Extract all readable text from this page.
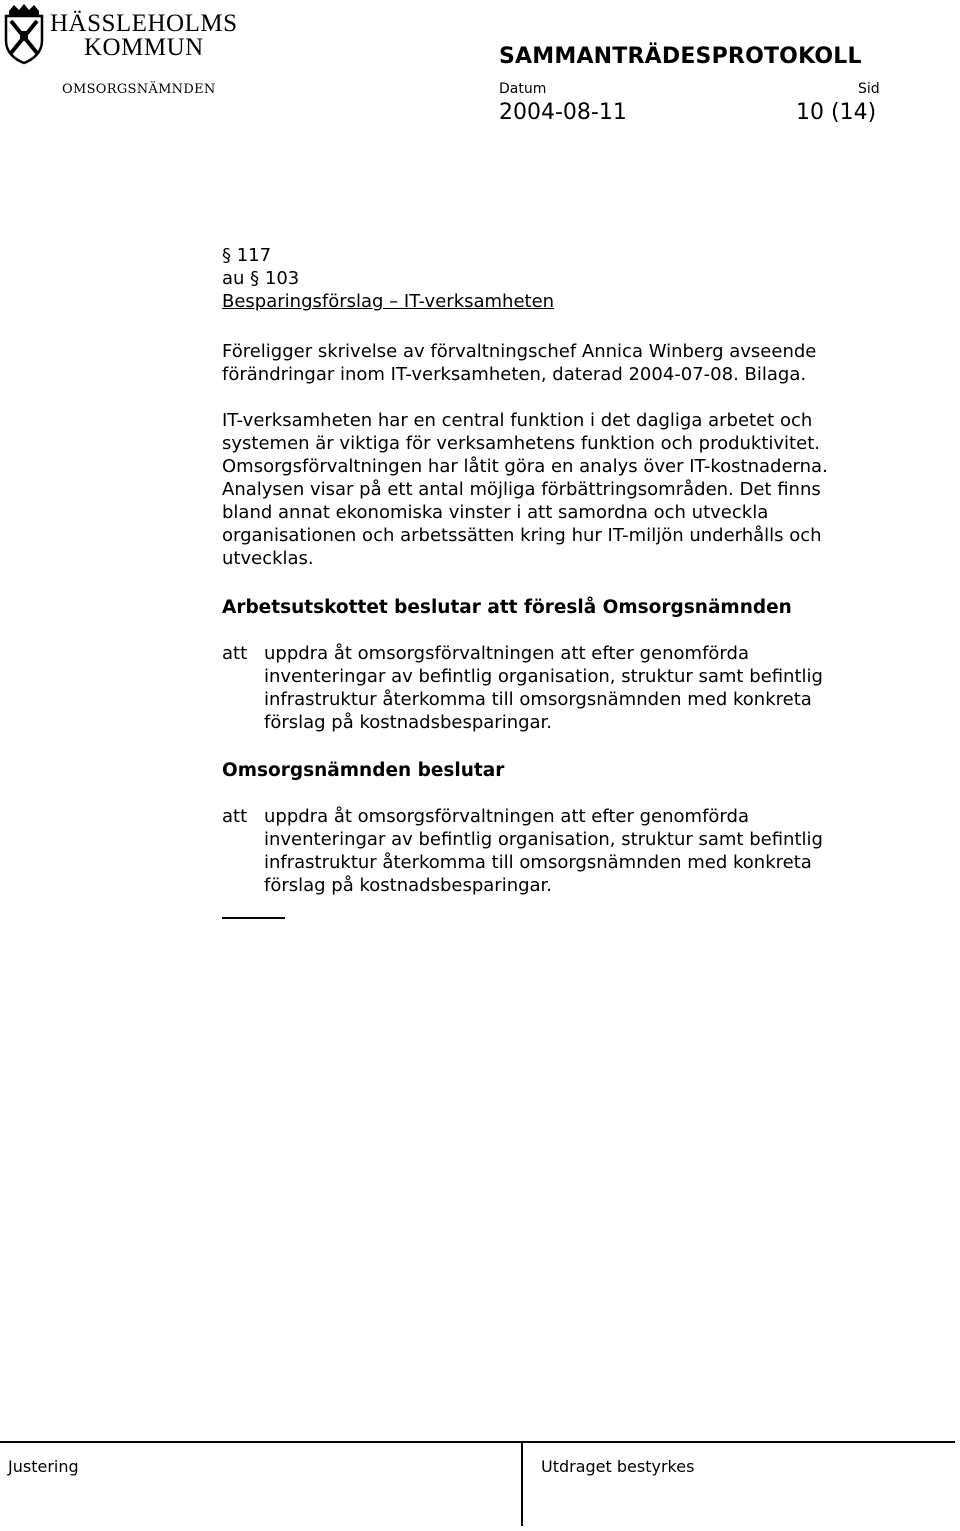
HÄSSLEHOLMS
KOMMUN
OMSORGSNÄMNDEN
SAMMANTRÄDESPROTOKOLL
Datum	Sid
2004-08-11	10 (14)
§ 117
au § 103
Besparingsförslag – IT-verksamheten
Föreligger skrivelse av förvaltningschef Annica Winberg avseende
förändringar inom IT-verksamheten, daterad 2004-07-08. Bilaga.
IT-verksamheten har en central funktion i det dagliga arbetet och
systemen är viktiga för verksamhetens funktion och produktivitet.
Omsorgsförvaltningen har låtit göra en analys över IT-kostnaderna.
Analysen visar på ett antal möjliga förbättringsområden. Det finns
bland annat ekonomiska vinster i att samordna och utveckla
organisationen och arbetssätten kring hur IT-miljön underhålls och
utvecklas.
Arbetsutskottet beslutar att föreslå Omsorgsnämnden
att uppdra åt omsorgsförvaltningen att efter genomförda
inventeringar av befintlig organisation, struktur samt befintlig
infrastruktur återkomma till omsorgsnämnden med konkreta
förslag på kostnadsbesparingar.
Omsorgsnämnden beslutar
att uppdra åt omsorgsförvaltningen att efter genomförda
inventeringar av befintlig organisation, struktur samt befintlig
infrastruktur återkomma till omsorgsnämnden med konkreta
förslag på kostnadsbesparingar.
Justering	Utdraget bestyrkes
